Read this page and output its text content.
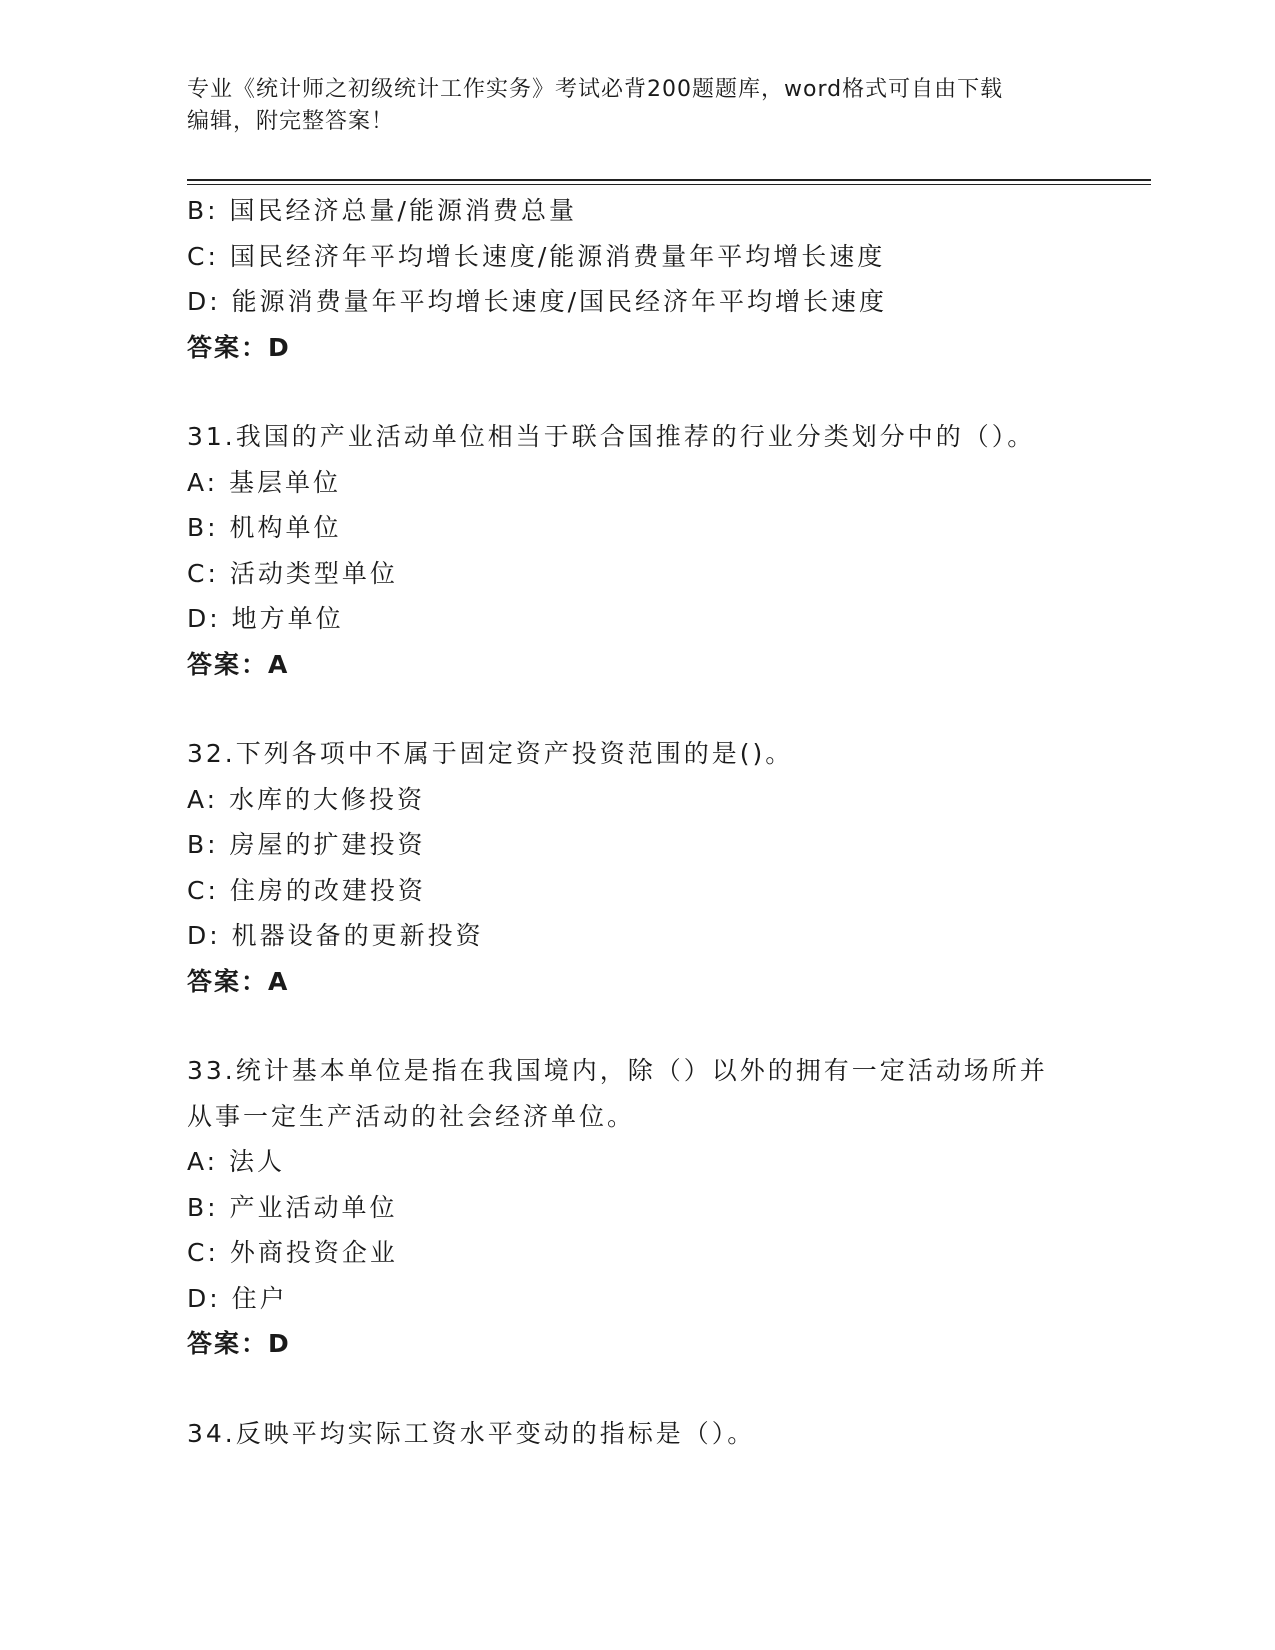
专业《统计师之初级统计工作实务》考试必背200题题库，word格式可自由下载
编辑，附完整答案！
B: 国民经济总量/能源消费总量
C: 国民经济年平均增长速度/能源消费量年平均增长速度
D: 能源消费量年平均增长速度/国民经济年平均增长速度
答案：D
31.我国的产业活动单位相当于联合国推荐的行业分类划分中的（）。
A: 基层单位
B: 机构单位
C: 活动类型单位
D: 地方单位
答案：A
32.下列各项中不属于固定资产投资范围的是()。
A: 水库的大修投资
B: 房屋的扩建投资
C: 住房的改建投资
D: 机器设备的更新投资
答案：A
33.统计基本单位是指在我国境内，除（）以外的拥有一定活动场所并
从事一定生产活动的社会经济单位。
A: 法人
B: 产业活动单位
C: 外商投资企业
D: 住户
答案：D
34.反映平均实际工资水平变动的指标是（）。
